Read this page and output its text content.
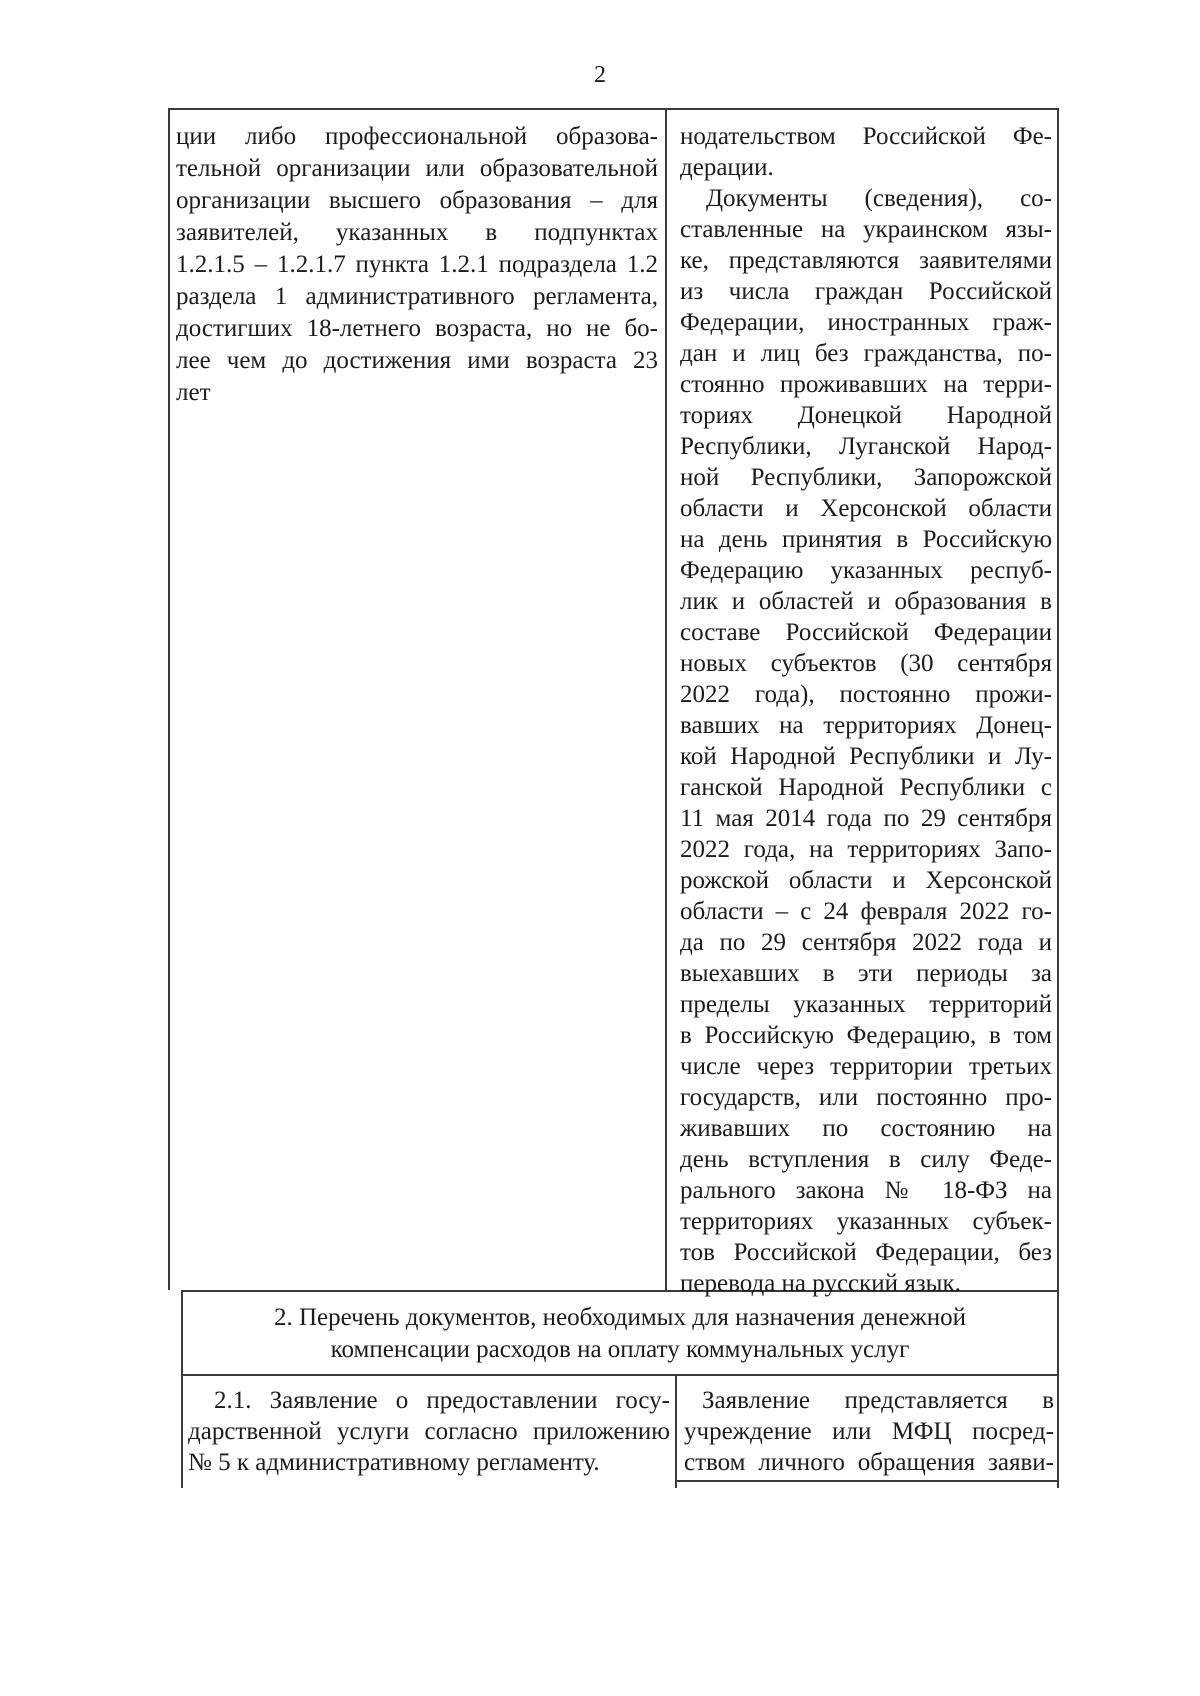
2
ции либо профессиональной образова-
тельной организации или образовательной
организации высшего образования – для
заявителей, указанных в подпунктах
1.2.1.5 – 1.2.1.7 пункта 1.2.1 подраздела 1.2
раздела 1 административного регламента,
достигших 18-летнего возраста, но не бо-
лее чем до достижения ими возраста 23
лет
нодательством Российской Фе-
дерации.
Документы (сведения), со-
ставленные на украинском язы-
ке, представляются заявителями
из числа граждан Российской
Федерации, иностранных граж-
дан и лиц без гражданства, по-
стоянно проживавших на терри-
ториях Донецкой Народной
Республики, Луганской Народ-
ной Республики, Запорожской
области и Херсонской области
на день принятия в Российскую
Федерацию указанных респуб-
лик и областей и образования в
составе Российской Федерации
новых субъектов (30 сентября
2022 года), постоянно прожи-
вавших на территориях Донец-
кой Народной Республики и Лу-
ганской Народной Республики с
11 мая 2014 года по 29 сентября
2022 года, на территориях Запо-
рожской области и Херсонской
области – с 24 февраля 2022 го-
да по 29 сентября 2022 года и
выехавших в эти периоды за
пределы указанных территорий
в Российскую Федерацию, в том
числе через территории третьих
государств, или постоянно про-
живавших по состоянию на
день вступления в силу Феде-
рального закона № 18-ФЗ на
территориях указанных субъек-
тов Российской Федерации, без
перевода на русский язык.
2. Перечень документов, необходимых для назначения денежной
компенсации расходов на оплату коммунальных услуг
2.1. Заявление о предоставлении госу-
дарственной услуги согласно приложению
№ 5 к административному регламенту.
Заявление представляется в
учреждение или МФЦ посред-
ством личного обращения заяви-
